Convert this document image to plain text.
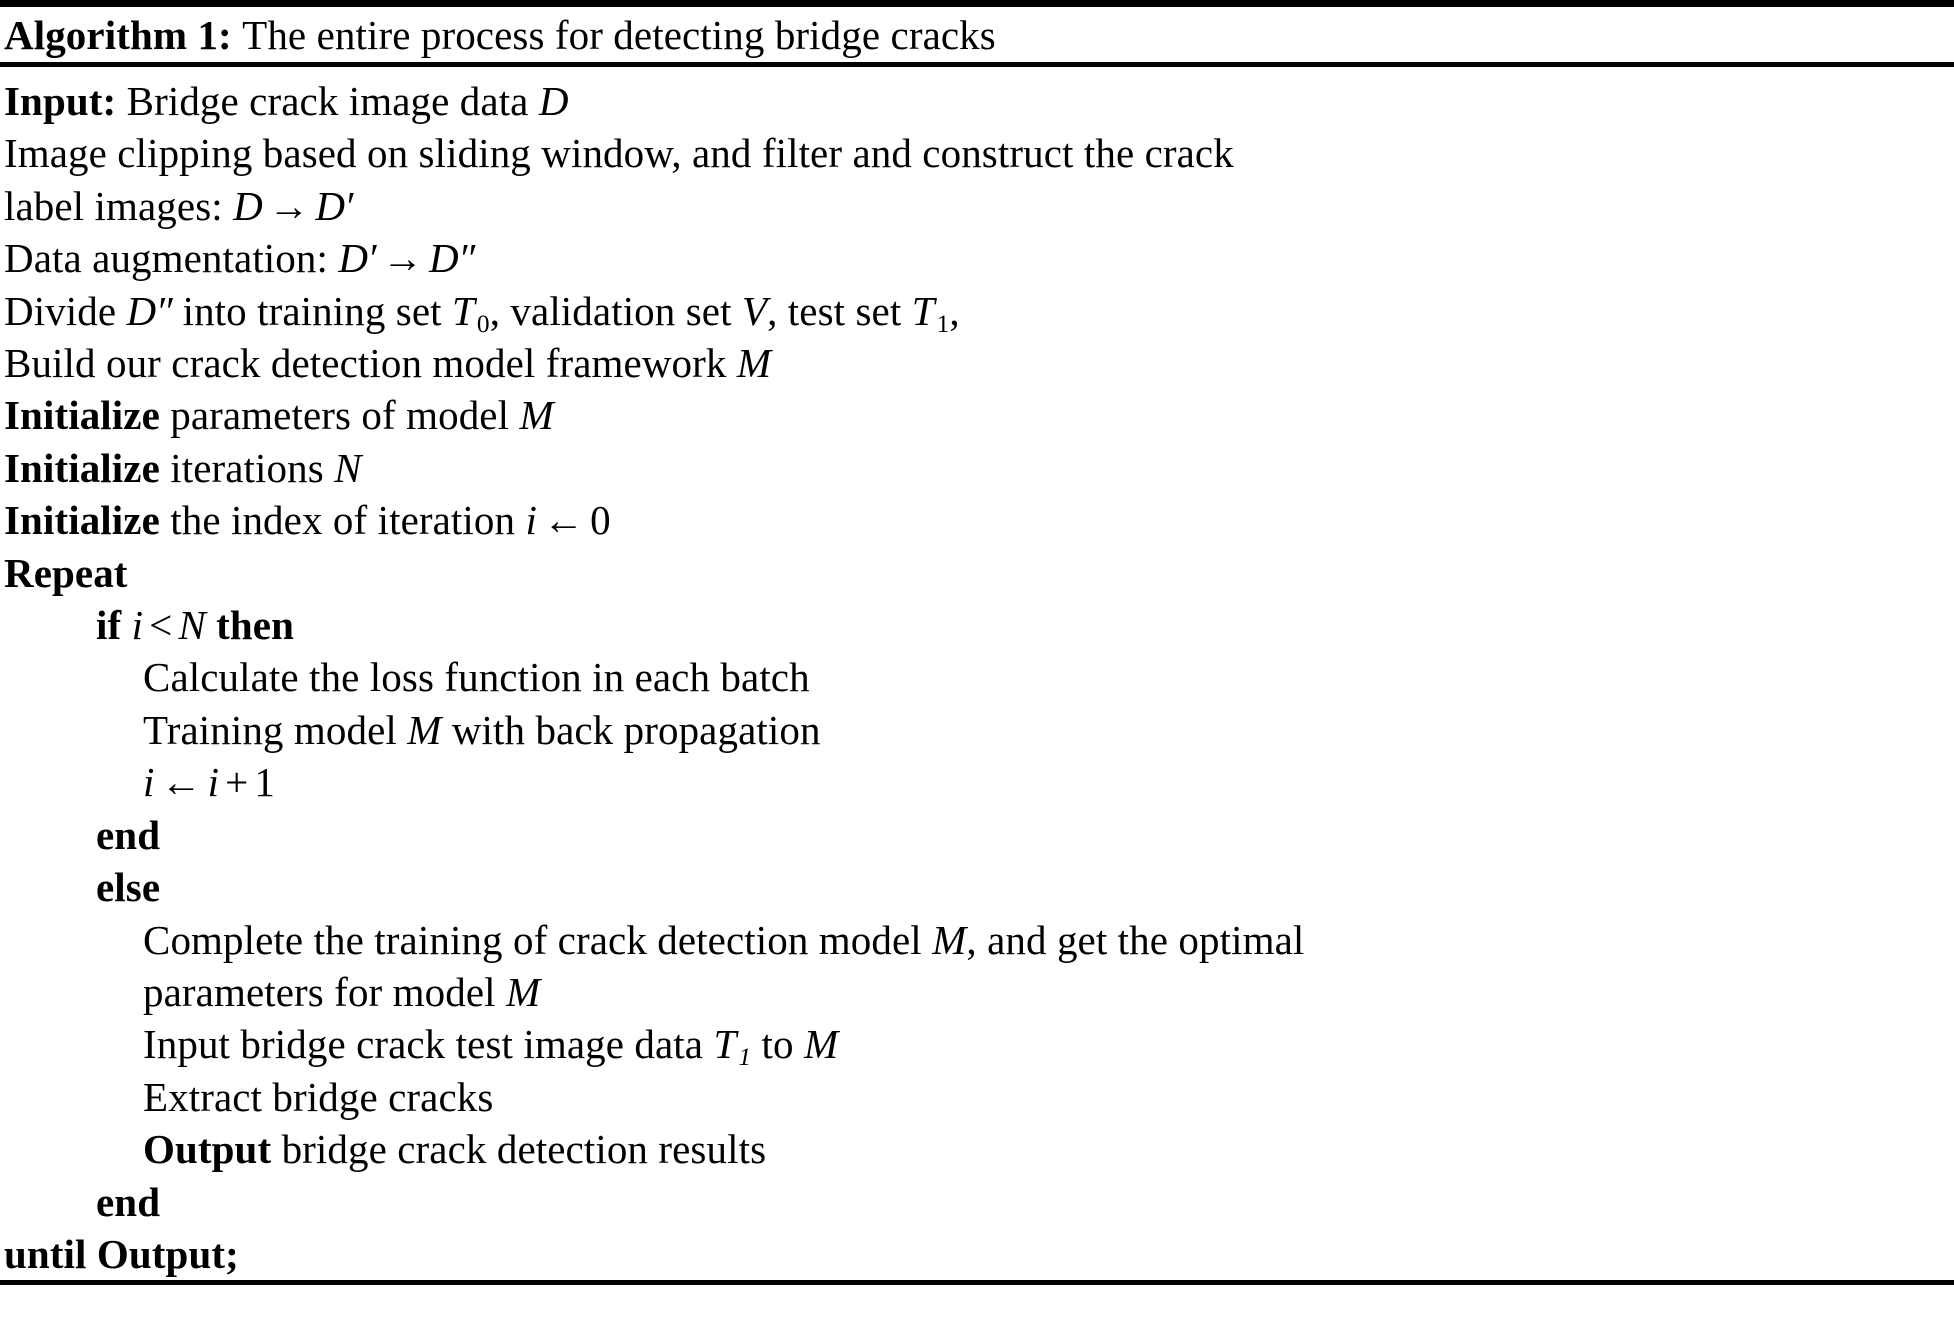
Algorithm 1: The entire process for detecting bridge cracks
Input: Bridge crack image data D
Image clipping based on sliding window, and filter and construct the crack
label images: D → D′
Data augmentation: D′ → D″
Divide D″ into training set $T_0$, validation set V, test set $T_1$,
Build our crack detection model framework M
Initialize parameters of model M
Initialize iterations N
Initialize the index of iteration i ← 0
Repeat
if i < N then
Calculate the loss function in each batch
Training model M with back propagation
i ← i + 1
end
else
Complete the training of crack detection model M, and get the optimal
parameters for model M
Input bridge crack test image data $T_1$ to M
Extract bridge cracks
Output bridge crack detection results
end
until Output;
